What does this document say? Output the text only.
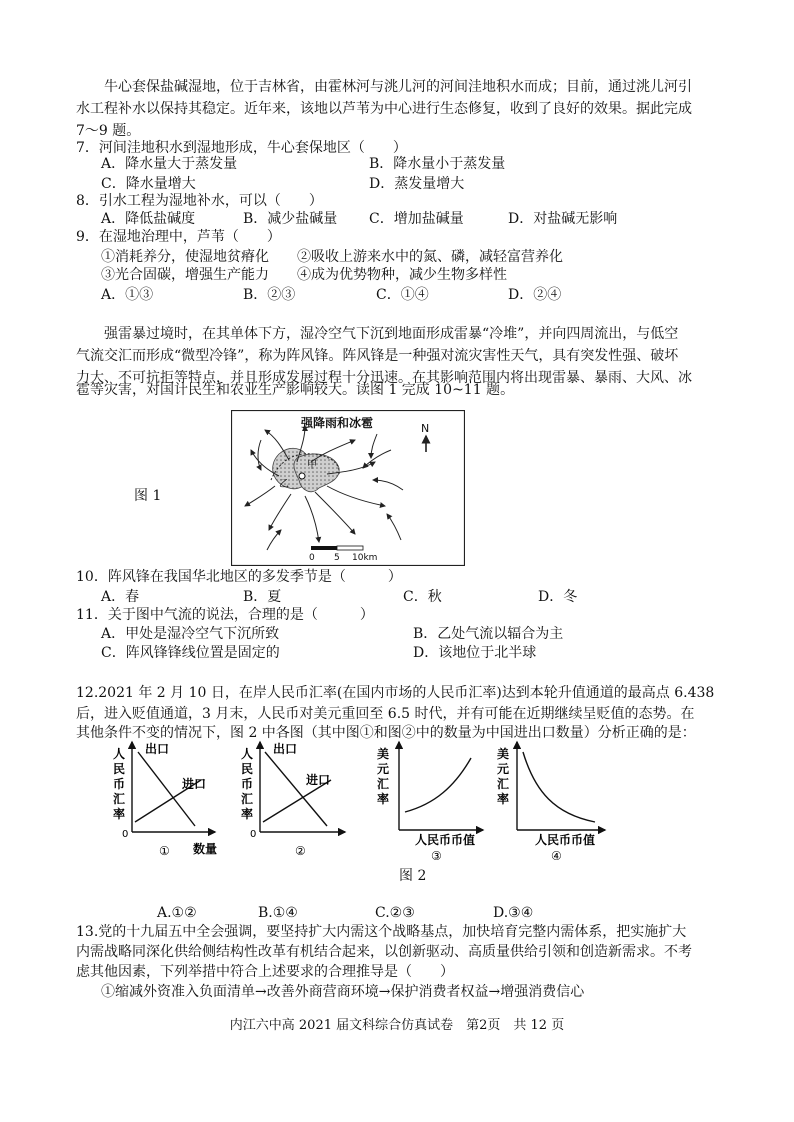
牛心套保盐碱湿地，位于吉林省，由霍林河与洮儿河的河间洼地积水而成；目前，通过洮儿河引
水工程补水以保持其稳定。近年来，该地以芦苇为中心进行生态修复，收到了良好的效果。据此完成
7～9 题。
7．河间洼地积水到湿地形成，牛心套保地区（　　）
A．降水量大于蒸发量	B．降水量小于蒸发量
C．降水量增大	D．蒸发量增大
8．引水工程为湿地补水，可以（　　）
A．降低盐碱度	B．减少盐碱量 C．增加盐碱量	D．对盐碱无影响
9．在湿地治理中，芦苇（　　）
①消耗养分，使湿地贫瘠化　　②吸收上游来水中的氮、磷，减轻富营养化
③光合固碳，增强生产能力　　④成为优势物种，减少生物多样性
A．①③	B．②③	C．①④	D．②④
强雷暴过境时，在其单体下方，湿冷空气下沉到地面形成雷暴“冷堆”，并向四周流出，与低空
气流交汇而形成“微型冷锋”，称为阵风锋。阵风锋是一种强对流灾害性天气，具有突发性强、破坏
力大、不可抗拒等特点，并且形成发展过程十分迅速。在其影响范围内将出现雷暴、暴雨、大风、冰
雹等灾害，对国计民生和农业生产影响较大。读图 1 完成 10~11 题。
图 1
强降雨和冰雹	N
甲
乙
0 5 10km
10．阵风锋在我国华北地区的多发季节是（　　　）
A．春	B．夏	C．秋	D．冬
11．关于图中气流的说法，合理的是（　　　）
A．甲处是湿冷空气下沉所致	B．乙处气流以辐合为主
C．阵风锋锋线位置是固定的	D．该地位于北半球
12.2021 年 2 月 10 日，在岸人民币汇率(在国内市场的人民币汇率)达到本轮升值通道的最高点 6.438
后，进入贬值通道，3 月末，人民币对美元重回至 6.5 时代，并有可能在近期继续呈贬值的态势。在
其他条件不变的情况下，图 2 中各图（其中图①和图②中的数量为中国进出口数量）分析正确的是：
人
民
币
汇
率
0
出口
进口
① 数量
人
民
币
汇
率
0
出口
进口
②
美
元
汇
率
人民币币值
③
美
元
汇
率
人民币币值
④
图 2
A.①②	B.①④	C.②③	D.③④
13.党的十九届五中全会强调，要坚持扩大内需这个战略基点，加快培育完整内需体系，把实施扩大
内需战略同深化供给侧结构性改革有机结合起来，以创新驱动、高质量供给引领和创造新需求。不考
虑其他因素，下列举措中符合上述要求的合理推导是（　　）
①缩减外资准入负面清单→改善外商营商环境→保护消费者权益→增强消费信心
内江六中高 2021 届文科综合仿真试卷　第2页　共 12 页
